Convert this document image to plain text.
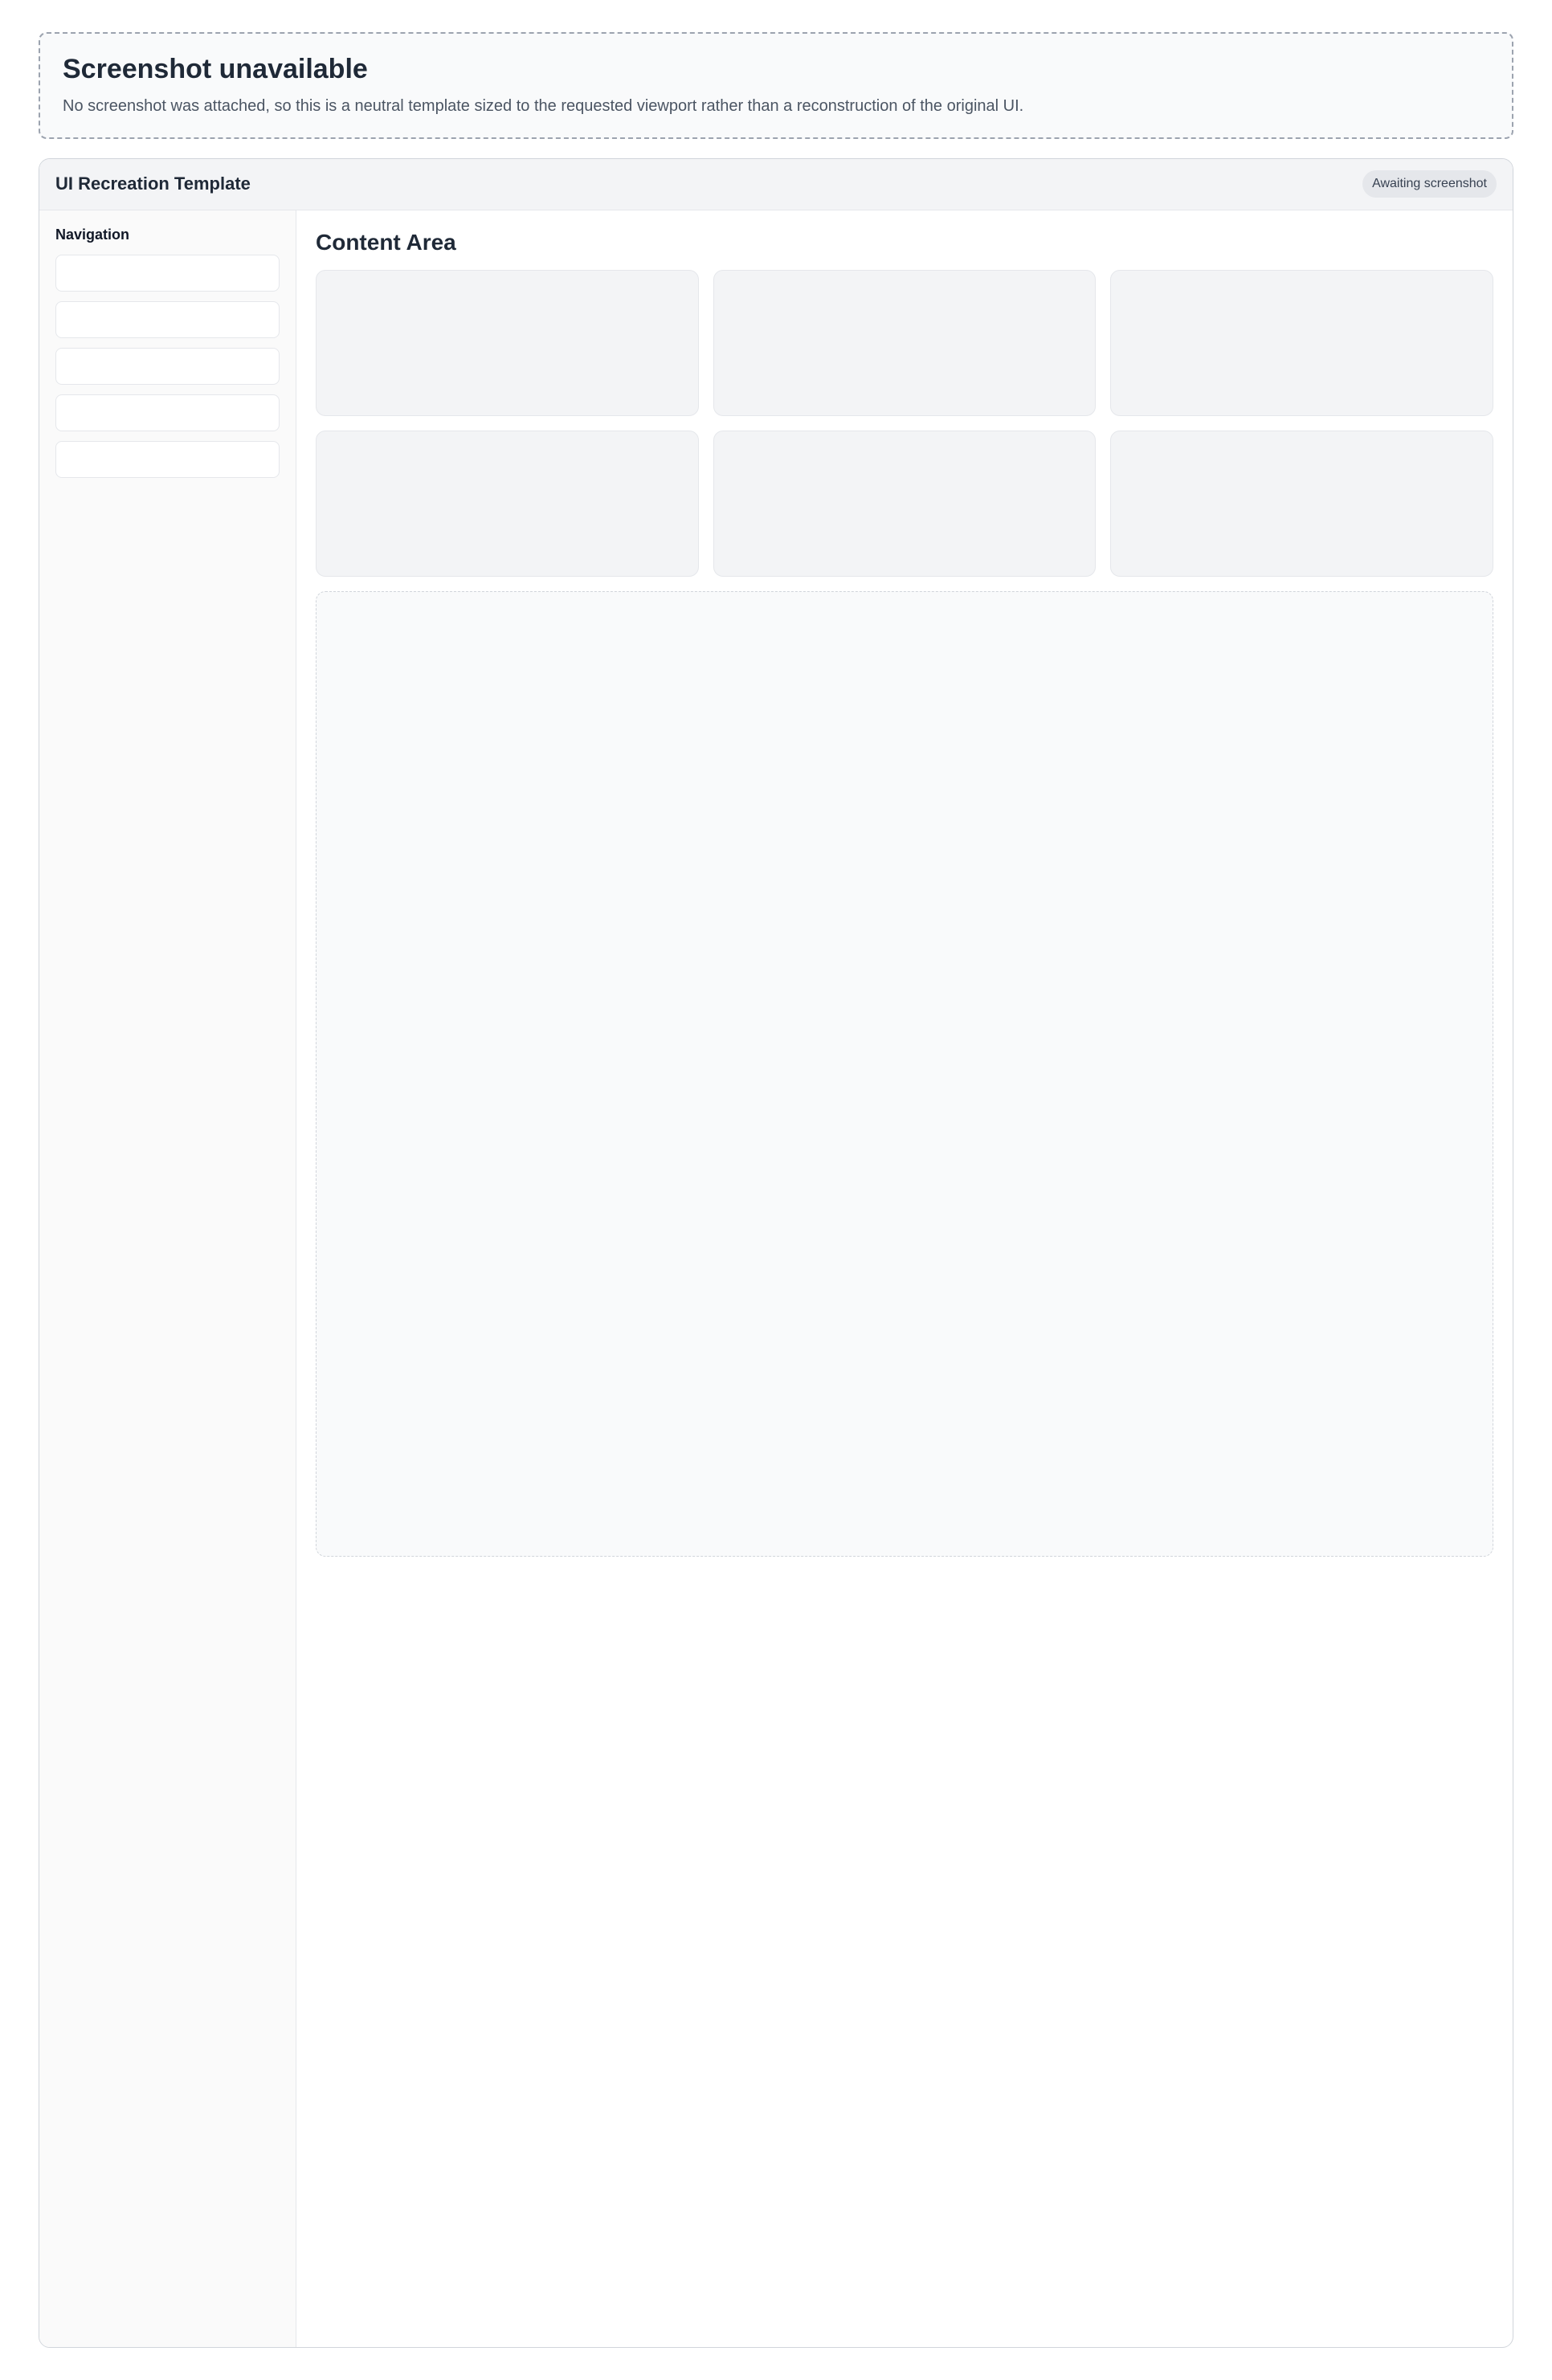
Screenshot unavailable

No screenshot was attached, so this is a neutral template sized to the requested viewport rather than a reconstruction of the original UI.

UI Recreation Template	Awaiting screenshot
Navigation	Content Area
